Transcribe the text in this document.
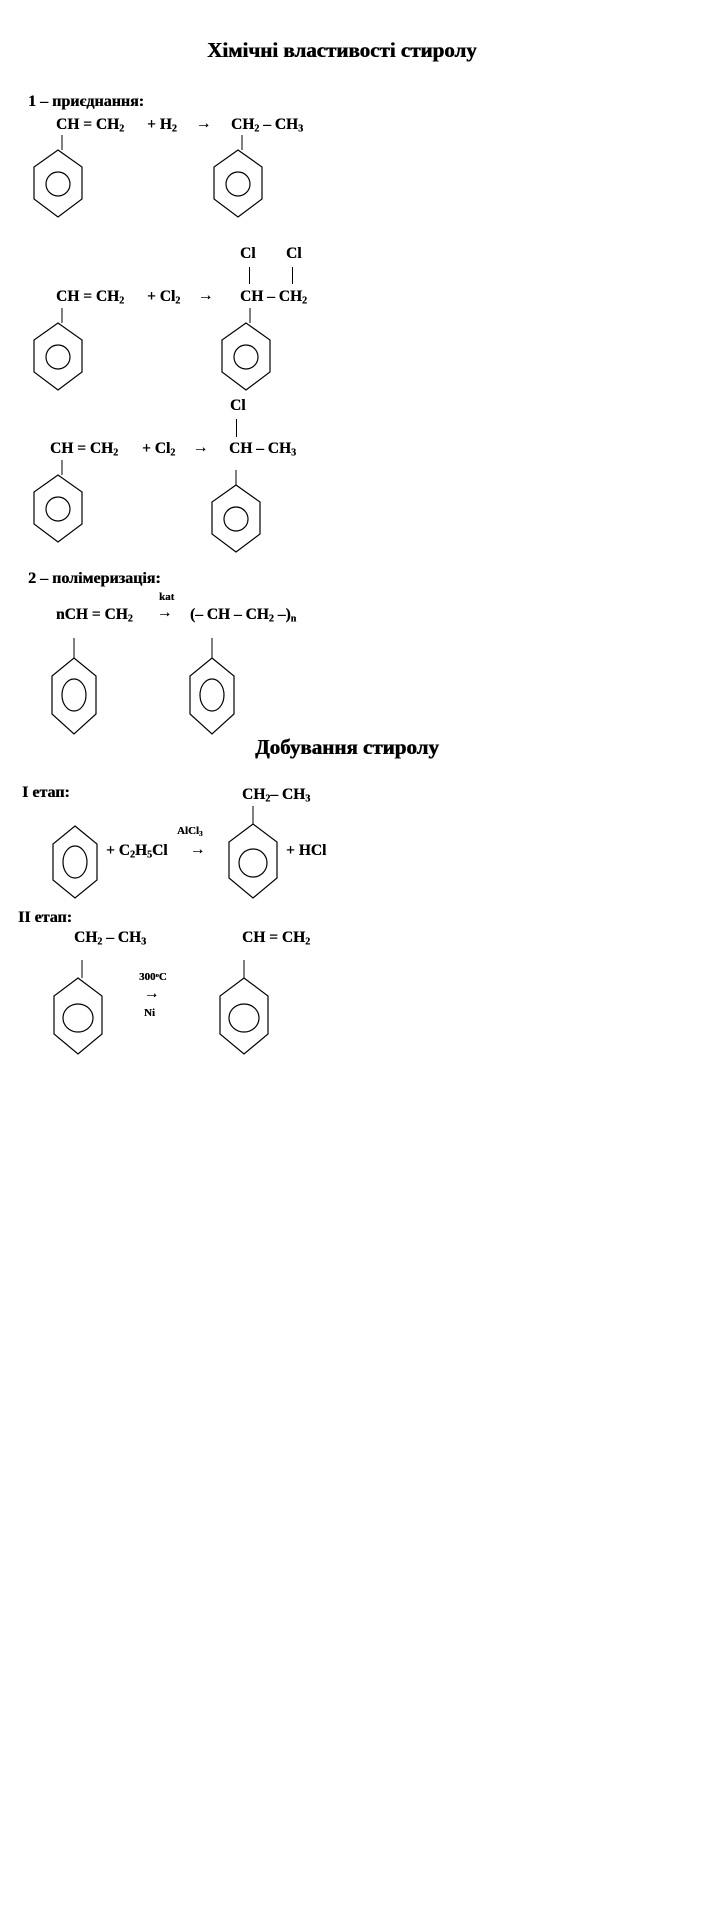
Хімічні властивості стиролу
1 – приєднання:
CH = $CH_2 + H_2 \to CH_2 - CH_3$
Cl Cl
CH = $CH_2 + Cl_2$ → CH – $CH_2$
Cl
CH = $CH_2 + Cl_2$ → CH – $CH_3$
2 – полімеризація:
kat
nCH = $CH_2$ → (– CH – $CH_2$ $-)_n$
Добування стиролу
I етап:	$CH_2-$ $CH_3$
AlCl$_3$
+ $C_2H_5Cl$ →	+ HCl
II етап:
$CH_2 - CH_3$	CH = $CH_2$
$300^oC$
→
Ni
